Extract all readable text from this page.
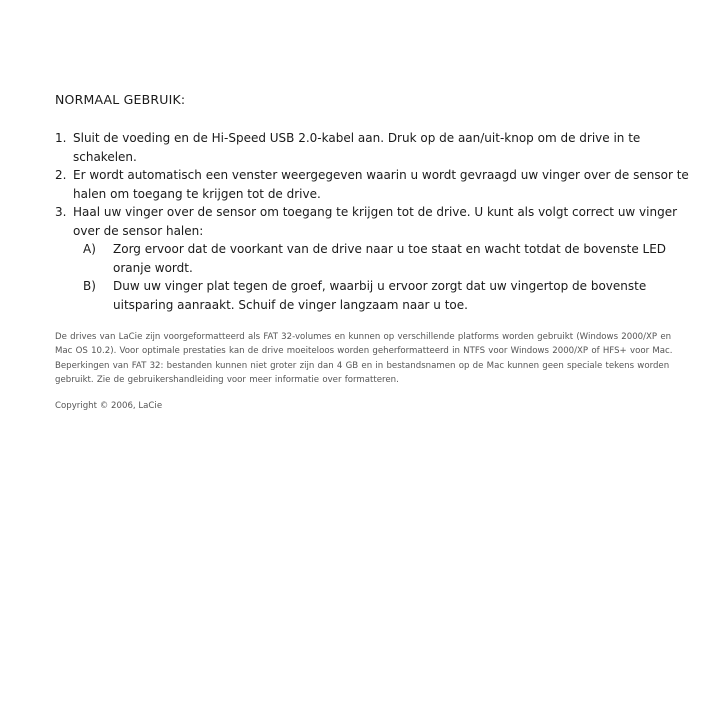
NORMAAL GEBRUIK:
1. Sluit de voeding en de Hi-Speed USB 2.0-kabel aan. Druk op de aan/uit-knop om de drive in te schakelen.
2. Er wordt automatisch een venster weergegeven waarin u wordt gevraagd uw vinger over de sensor te halen om toegang te krijgen tot de drive.
3. Haal uw vinger over de sensor om toegang te krijgen tot de drive. U kunt als volgt correct uw vinger over de sensor halen:
A) Zorg ervoor dat de voorkant van de drive naar u toe staat en wacht totdat de bovenste LED oranje wordt.
B) Duw uw vinger plat tegen de groef, waarbij u ervoor zorgt dat uw vingertop de bovenste uitsparing aanraakt. Schuif de vinger langzaam naar u toe.

De drives van LaCie zijn voorgeformatteerd als FAT 32-volumes en kunnen op verschillende platforms worden gebruikt (Windows 2000/XP en Mac OS 10.2). Voor optimale prestaties kan de drive moeiteloos worden geherformatteerd in NTFS voor Windows 2000/XP of HFS+ voor Mac. Beperkingen van FAT 32: bestanden kunnen niet groter zijn dan 4 GB en in bestandsnamen op de Mac kunnen geen speciale tekens worden gebruikt. Zie de gebruikershandleiding voor meer informatie over formatteren.

Copyright © 2006, LaCie
